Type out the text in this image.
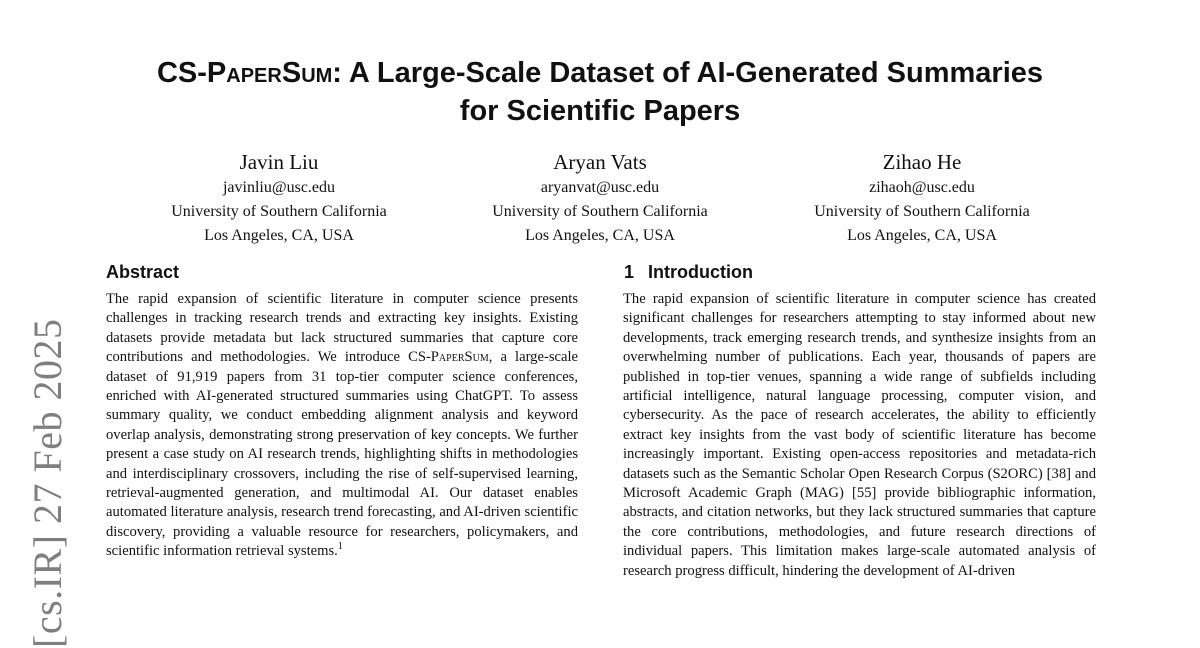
[cs.IR] 27 Feb 2025
CS-PaperSum: A Large-Scale Dataset of AI-Generated Summaries
for Scientific Papers
Javin Liu
javinliu@usc.edu
University of Southern California
Los Angeles, CA, USA
Aryan Vats
aryanvat@usc.edu
University of Southern California
Los Angeles, CA, USA
Zihao He
zihaoh@usc.edu
University of Southern California
Los Angeles, CA, USA
Abstract
The rapid expansion of scientific literature in computer science presents challenges in tracking research trends and extracting key insights. Existing datasets provide metadata but lack structured summaries that capture core contributions and methodologies. We introduce CS-PaperSum, a large-scale dataset of 91,919 papers from 31 top-tier computer science conferences, enriched with AI-generated structured summaries using ChatGPT. To assess summary quality, we conduct embedding alignment analysis and keyword overlap analysis, demonstrating strong preservation of key concepts. We further present a case study on AI research trends, highlighting shifts in methodologies and interdisciplinary crossovers, including the rise of self-supervised learning, retrieval-augmented generation, and multimodal AI. Our dataset enables automated literature analysis, research trend forecasting, and AI-driven scientific discovery, providing a valuable resource for researchers, policymakers, and scientific information retrieval systems.$^1$
1 Introduction
The rapid expansion of scientific literature in computer science has created significant challenges for researchers attempting to stay informed about new developments, track emerging research trends, and synthesize insights from an overwhelming number of publications. Each year, thousands of papers are published in top-tier venues, spanning a wide range of subfields including artificial intelligence, natural language processing, computer vision, and cybersecurity. As the pace of research accelerates, the ability to efficiently extract key insights from the vast body of scientific literature has become increasingly important. Existing open-access repositories and metadata-rich datasets such as the Semantic Scholar Open Research Corpus (S2ORC) [38] and Microsoft Academic Graph (MAG) [55] provide bibliographic information, abstracts, and citation networks, but they lack structured summaries that capture the core contributions, methodologies, and future research directions of individual papers. This limitation makes large-scale automated analysis of research progress difficult, hindering the development of AI-driven
